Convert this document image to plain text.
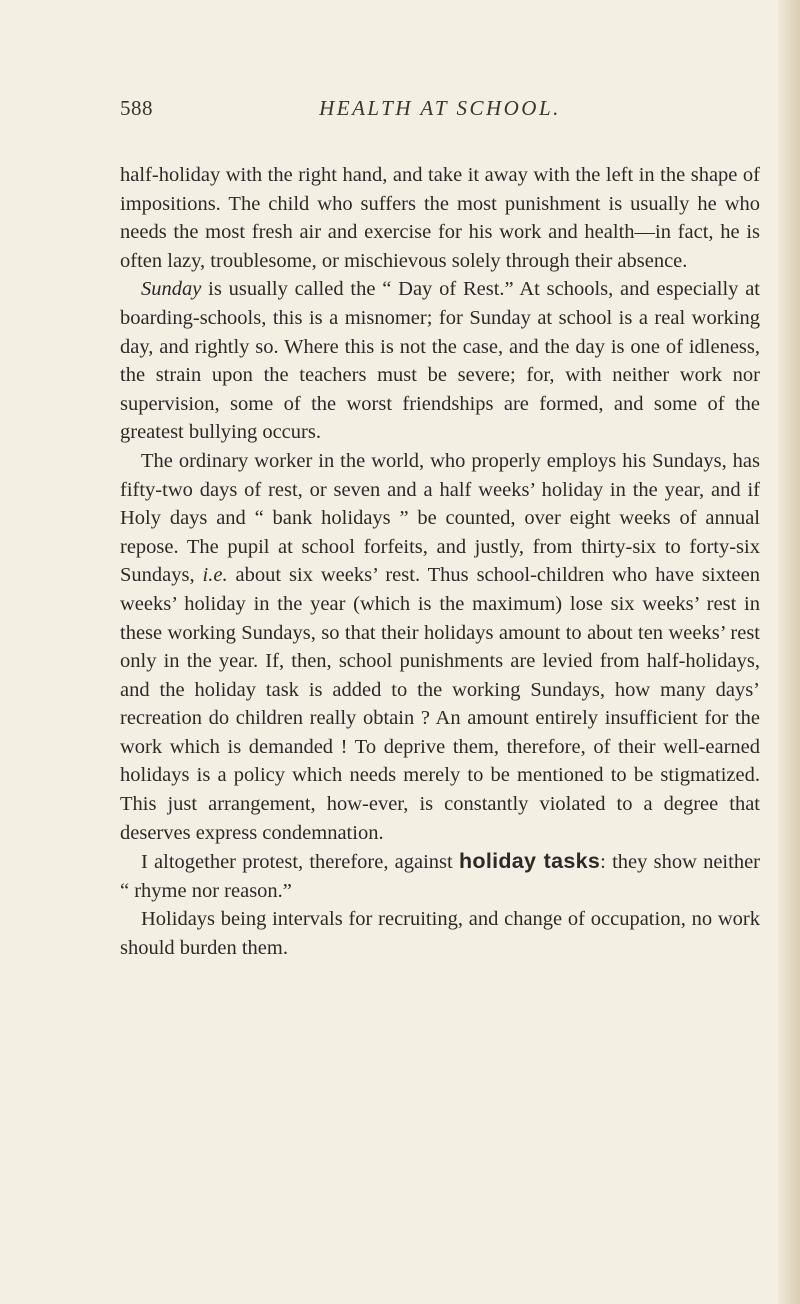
588	HEALTH AT SCHOOL.

half-holiday with the right hand, and take it away with the left in the shape of impositions. The child who suffers the most punishment is usually he who needs the most fresh air and exercise for his work and health—in fact, he is often lazy, troublesome, or mischievous solely through their absence.

Sunday is usually called the “ Day of Rest.” At schools, and especially at boarding-schools, this is a misnomer; for Sunday at school is a real working day, and rightly so. Where this is not the case, and the day is one of idleness, the strain upon the teachers must be severe; for, with neither work nor supervision, some of the worst friendships are formed, and some of the greatest bullying occurs.

The ordinary worker in the world, who properly employs his Sundays, has fifty-two days of rest, or seven and a half weeks’ holiday in the year, and if Holy days and “ bank holidays ” be counted, over eight weeks of annual repose. The pupil at school forfeits, and justly, from thirty-six to forty-six Sundays, i.e. about six weeks’ rest. Thus school-children who have sixteen weeks’ holiday in the year (which is the maximum) lose six weeks’ rest in these working Sundays, so that their holidays amount to about ten weeks’ rest only in the year. If, then, school punishments are levied from half-holidays, and the holiday task is added to the working Sundays, how many days’ recreation do children really obtain ? An amount entirely insufficient for the work which is demanded ! To deprive them, therefore, of their well-earned holidays is a policy which needs merely to be mentioned to be stigmatized. This just arrangement, how-ever, is constantly violated to a degree that deserves express condemnation.

I altogether protest, therefore, against holiday tasks: they show neither “ rhyme nor reason.”

Holidays being intervals for recruiting, and change of occupation, no work should burden them.
